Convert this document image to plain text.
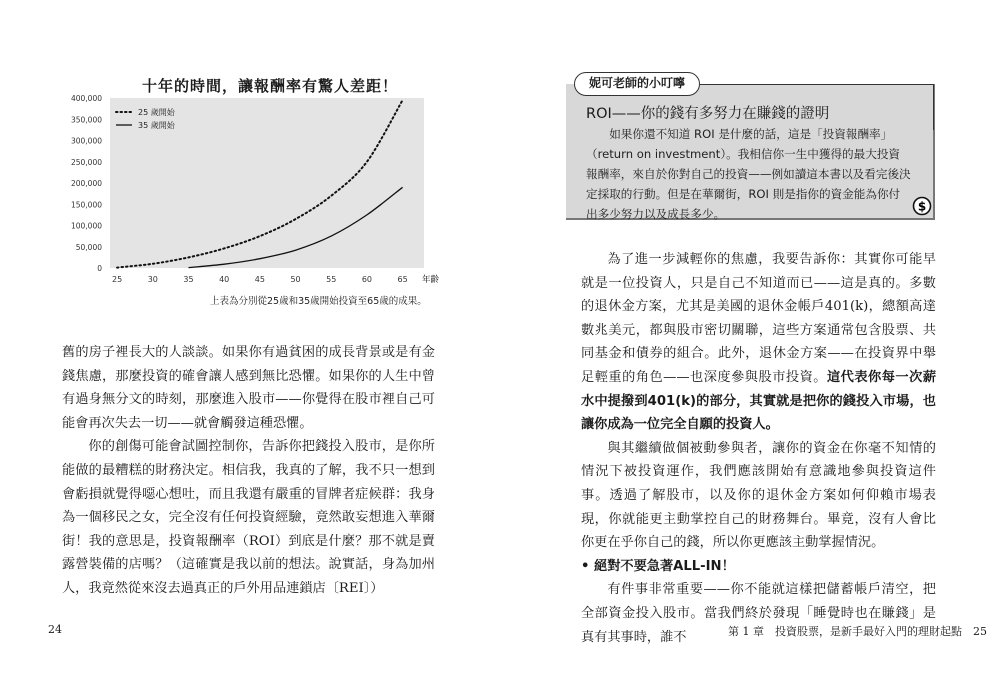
十年的時間，讓報酬率有驚人差距！
0
50,000
100,000
150,000
200,000
250,000
300,000
350,000
400,000
25	30	35	40	45	50	55	60	65
25 歲開始
35 歲開始
年齡
上表為分別從25歲和35歲開始投資至65歲的成果。

舊的房子裡長大的人談談。如果你有過貧困的成長背景或是有金錢焦慮，那麼投資的確會讓人感到無比恐懼。如果你的人生中曾有過身無分文的時刻，那麼進入股市——你覺得在股市裡自己可能會再次失去一切——就會觸發這種恐懼。

你的創傷可能會試圖控制你，告訴你把錢投入股市，是你所能做的最糟糕的財務決定。相信我，我真的了解，我不只一想到會虧損就覺得噁心想吐，而且我還有嚴重的冒牌者症候群：我身為一個移民之女，完全沒有任何投資經驗，竟然敢妄想進入華爾街！我的意思是，投資報酬率（ROI）到底是什麼？那不就是賣露營裝備的店嗎？（這確實是我以前的想法。說實話，身為加州人，我竟然從來沒去過真正的戶外用品連鎖店〔REI〕）

24
妮可老師的小叮嚀
ROI——你的錢有多努力在賺錢的證明

如果你還不知道 ROI 是什麼的話，這是「投資報酬率」（return on investment）。我相信你一生中獲得的最大投資報酬率，來自於你對自己的投資——例如讀這本書以及看完後決定採取的行動。但是在華爾街，ROI 則是指你的資金能為你付出多少努力以及成長多少。

$

為了進一步減輕你的焦慮，我要告訴你：其實你可能早就是一位投資人，只是自己不知道而已——這是真的。多數的退休金方案，尤其是美國的退休金帳戶401(k)，總額高達數兆美元，都與股市密切關聯，這些方案通常包含股票、共同基金和債券的組合。此外，退休金方案——在投資界中舉足輕重的角色——也深度參與股市投資。這代表你每一次薪水中提撥到401(k)的部分，其實就是把你的錢投入市場，也讓你成為一位完全自願的投資人。

與其繼續做個被動參與者，讓你的資金在你毫不知情的情況下被投資運作，我們應該開始有意識地參與投資這件事。透過了解股市，以及你的退休金方案如何仰賴市場表現，你就能更主動掌控自己的財務舞台。畢竟，沒有人會比你更在乎你自己的錢，所以你更應該主動掌握情況。

• 絕對不要急著ALL-IN！

有件事非常重要——你不能就這樣把儲蓄帳戶清空，把全部資金投入股市。當我們終於發現「睡覺時也在賺錢」是真有其事時，誰不	第 1 章　投資股票，是新手最好入門的理財起點　25
